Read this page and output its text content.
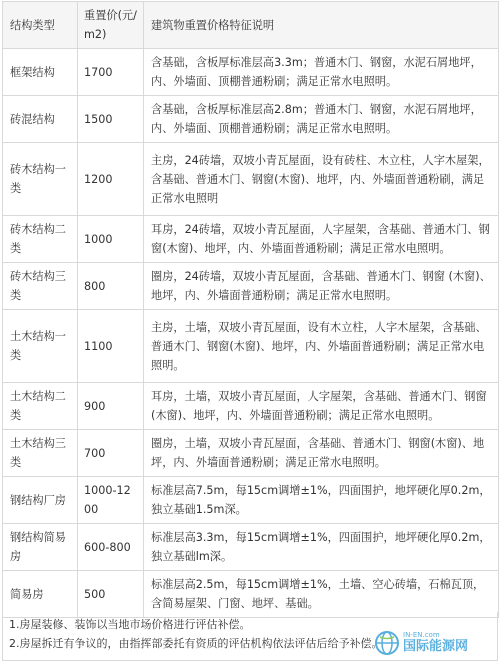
结构类型	重置价(元/m2)	建筑物重置价格特征说明
框架结构	1700	含基础，含板厚标准层高3.3m；普通木门、钢窗，水泥石屑地坪，内、外墙面、顶棚普通粉刷；满足正常水电照明。
砖混结构	1500	含基础，含板厚标准层高2.8m；普通木门、钢窗，水泥石屑地坪，内、外墙面、顶棚普通粉刷；满足正常水电照明。
砖木结构一类	1200	主房，24砖墙，双坡小青瓦屋面，设有砖柱、木立柱，人字木屋架，含基础、普通木门、钢窗(木窗)、地坪，内、外墙面普通粉刷，满足正常水电照明
砖木结构二类	1000	耳房，24砖墙，双坡小青瓦屋面，人字屋架，含基础、普通木门、钢窗(木窗)、地坪，内、外墙面普通粉刷；满足正常水电照明。
砖木结构三类	800	圈房，24砖墙，双坡小青瓦屋面，含基础、普通木门、钢窗 (木窗)、地坪，内、外墙面普通粉刷；满足正常水电照明。
土木结构一类	1100	主房，土墙，双坡小青瓦屋面，设有木立柱，人字木屋架，含基础、普通木门、钢窗(木窗)、地坪，内、外墙面普通粉刷；满足正常水电照明。
土木结构二类	900	耳房，土墙，双坡小青瓦屋面，人字屋架，含基础、普通木门、钢窗(木窗)、地坪，内、外墙面普通粉刷；满足正常水电照明。
土木结构三类	700	圈房，土墙，双坡小青瓦屋面，含基础、普通木门、钢窗(木窗)、地坪，内、外墙面普通粉刷；满足正常水电照明。
钢结构厂房	1000-1200	标准层高7.5m，每15cm调增±1%，四面围护，地坪硬化厚0.2m，独立基础1.5m深。
钢结构简易房	600-800	标准层高3.3m，每15cm调增±1%，四面围护，地坪硬化厚0.2m，独立基础lm深。
简易房	500	标准层高2.5m，每15cm调增±1%，土墙、空心砖墙，石棉瓦顶，含简易屋架、门窗、地坪、基础。
1.房屋装修、装饰以当地市场价格进行评估补偿。
2.房屋拆迁有争议的，由指挥部委托有资质的评估机构依法评估后给予补偿。
IN-EN.com
国际能源网
